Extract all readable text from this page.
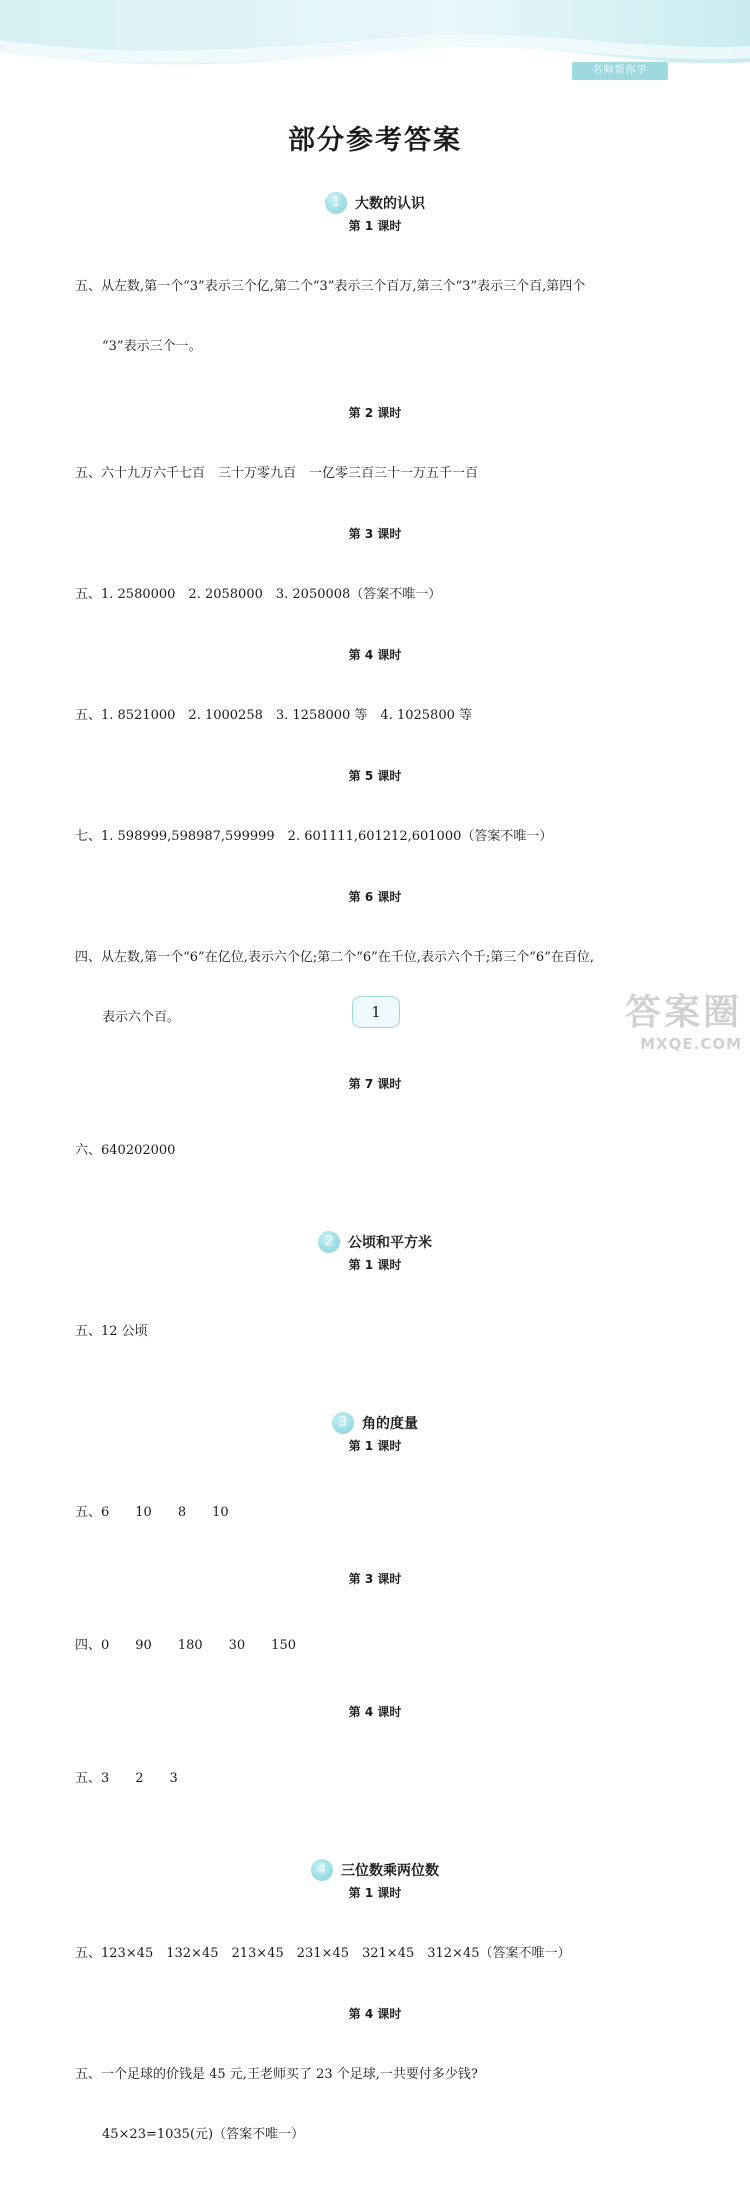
名师帮你学
部分参考答案
1	大数的认识
第 1 课时

五、从左数,第一个“3”表示三个亿,第二个“3”表示三个百万,第三个“3”表示三个百,第四个

“3”表示三个一。

第 2 课时

五、六十九万六千七百　三十万零九百　一亿零三百三十一万五千一百

第 3 课时

五、1. 2580000　2. 2058000　3. 2050008（答案不唯一）

第 4 课时

五、1. 8521000　2. 1000258　3. 1258000 等　4. 1025800 等

第 5 课时

七、1. 598999,598987,599999　2. 601111,601212,601000（答案不唯一）

第 6 课时

四、从左数,第一个“6”在亿位,表示六个亿;第二个“6”在千位,表示六个千;第三个“6”在百位,

表示六个百。

第 7 课时

六、640202000

2	公顷和平方米
第 1 课时

五、12 公顷

3	角的度量
第 1 课时

五、6　　10　　8　　10

第 3 课时

四、0　　90　　180　　30　　150

第 4 课时

五、3　　2　　3

4	三位数乘两位数
第 1 课时

五、123×45　132×45　213×45　231×45　321×45　312×45（答案不唯一）

第 4 课时

五、一个足球的价钱是 45 元,王老师买了 23 个足球,一共要付多少钱?

45×23=1035(元)（答案不唯一）

1	答案圈
MXQE.COM
